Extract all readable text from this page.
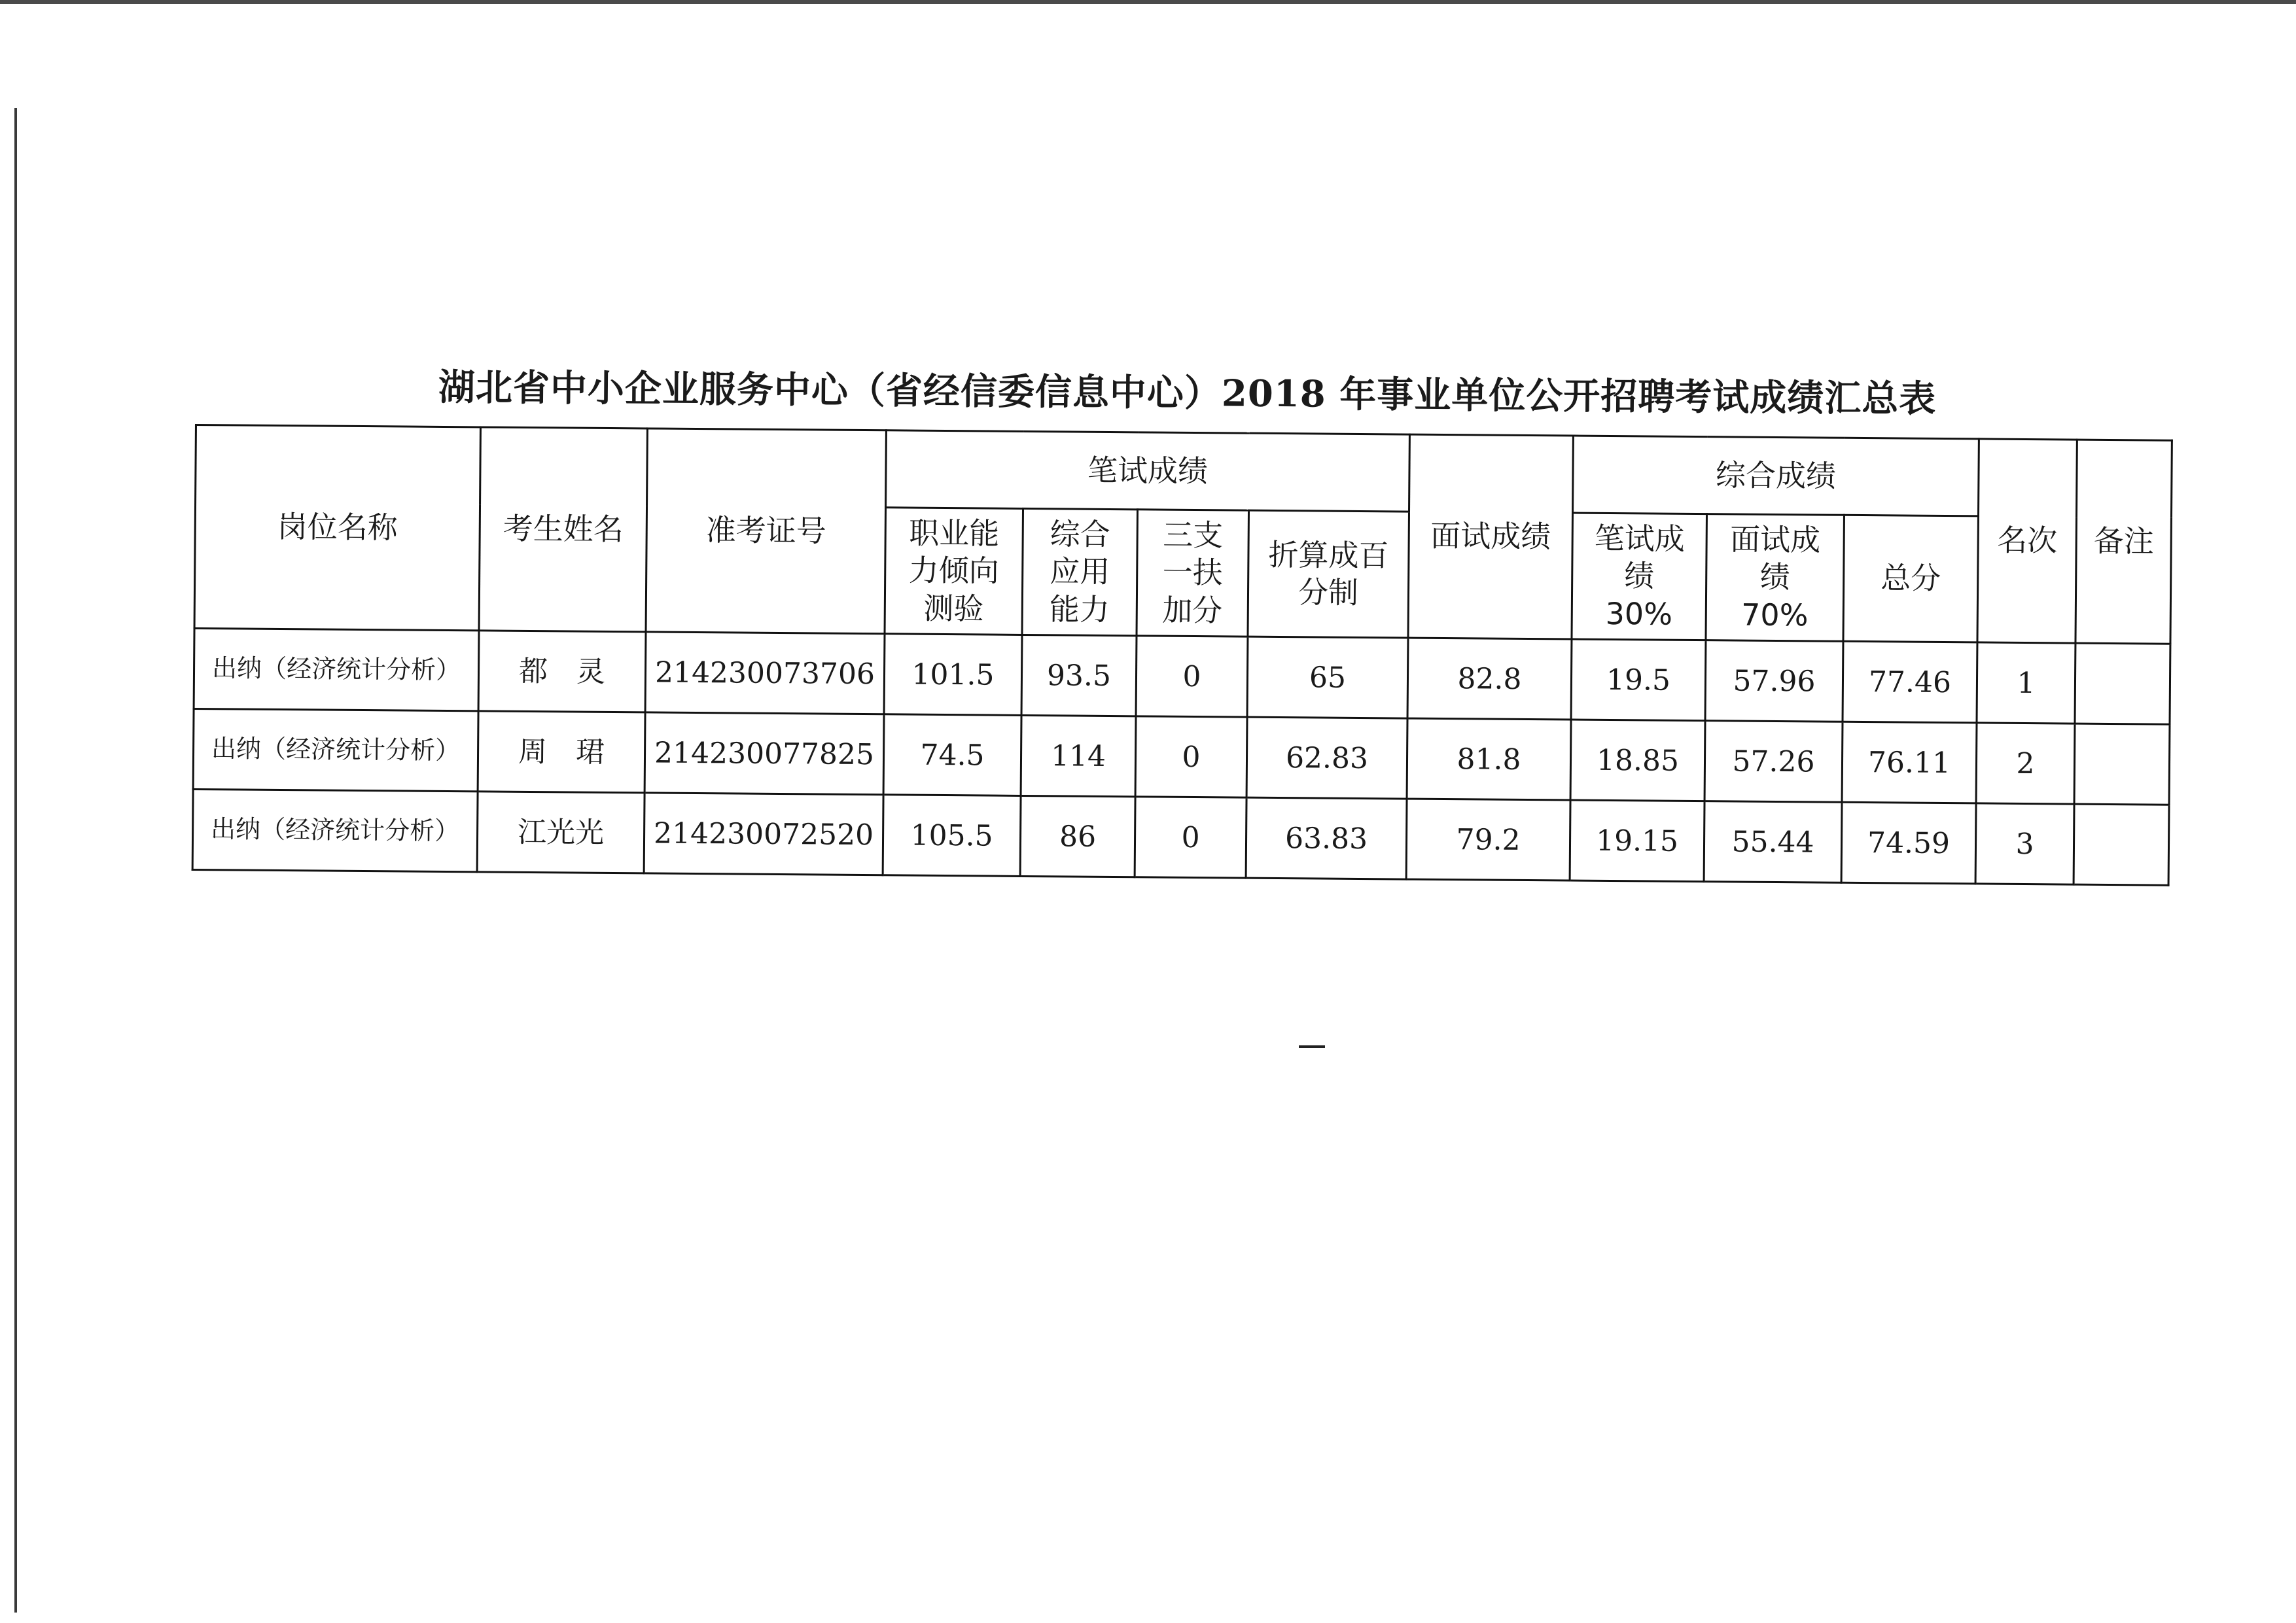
湖北省中小企业服务中心（省经信委信息中心）2018 年事业单位公开招聘考试成绩汇总表
岗位名称	考生姓名	准考证号	笔试成绩				面试成绩	综合成绩			名次	备注

			职业能力倾向测验	综合应用能力	三支一扶加分	折算成百分制		笔试成绩 30%	面试成绩 70%	总分		
出纳（经济统计分析）	都　灵	214230073706	101.5	93.5	0	65	82.8	19.5	57.96	77.46	1	
出纳（经济统计分析）	周　珺	214230077825	74.5	114	0	62.83	81.8	18.85	57.26	76.11	2	
出纳（经济统计分析）	江光光	214230072520	105.5	86	0	63.83	79.2	19.15	55.44	74.59	3	
